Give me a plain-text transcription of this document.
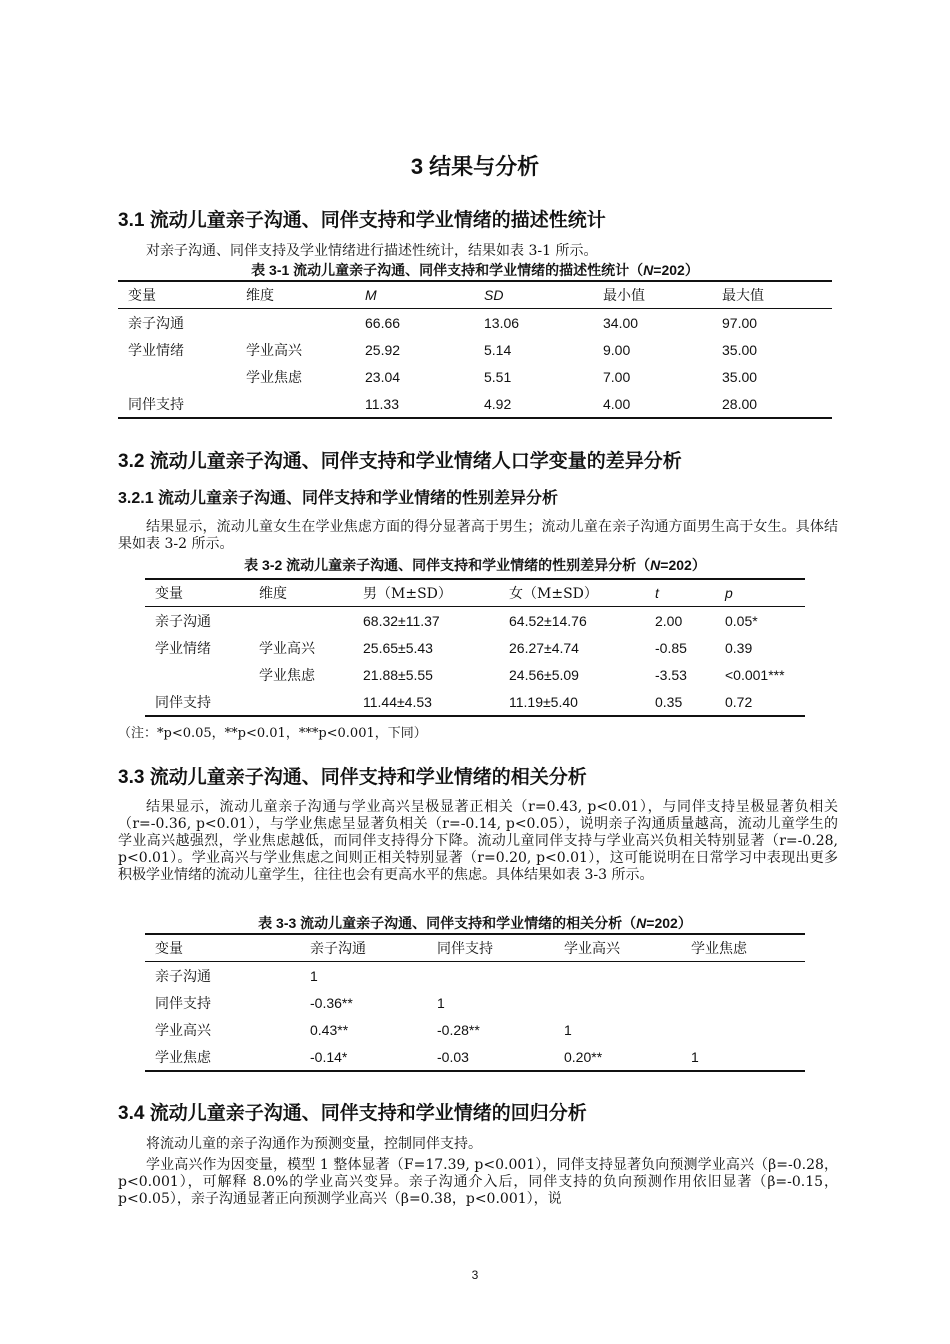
3 结果与分析
3.1 流动儿童亲子沟通、同伴支持和学业情绪的描述性统计

对亲子沟通、同伴支持及学业情绪进行描述性统计，结果如表 3-1 所示。

表 3-1 流动儿童亲子沟通、同伴支持和学业情绪的描述性统计（N=202）
变量	维度	M	SD	最小值	最大值
亲子沟通		66.66	13.06	34.00	97.00
学业情绪	学业高兴	25.92	5.14	9.00	35.00
	学业焦虑	23.04	5.51	7.00	35.00
同伴支持		11.33	4.92	4.00	28.00
3.2 流动儿童亲子沟通、同伴支持和学业情绪人口学变量的差异分析
3.2.1 流动儿童亲子沟通、同伴支持和学业情绪的性别差异分析

结果显示，流动儿童女生在学业焦虑方面的得分显著高于男生；流动儿童在亲子沟通方面男生高于女生。具体结果如表 3-2 所示。

表 3-2 流动儿童亲子沟通、同伴支持和学业情绪的性别差异分析（N=202）
变量	维度	男（M±SD）	女（M±SD）	t	p
亲子沟通		68.32±11.37	64.52±14.76	2.00	0.05*
学业情绪	学业高兴	25.65±5.43	26.27±4.74	-0.85	0.39
	学业焦虑	21.88±5.55	24.56±5.09	-3.53	<0.001***
同伴支持		11.44±4.53	11.19±5.40	0.35	0.72

（注：*p<0.05，**p<0.01，***p<0.001，下同）

3.3 流动儿童亲子沟通、同伴支持和学业情绪的相关分析

结果显示，流动儿童亲子沟通与学业高兴呈极显著正相关（r=0.43, p<0.01），与同伴支持呈极显著负相关（r=-0.36, p<0.01），与学业焦虑呈显著负相关（r=-0.14, p<0.05），说明亲子沟通质量越高，流动儿童学生的学业高兴越强烈，学业焦虑越低，而同伴支持得分下降。流动儿童同伴支持与学业高兴负相关特别显著（r=-0.28, p<0.01）。学业高兴与学业焦虑之间则正相关特别显著（r=0.20, p<0.01），这可能说明在日常学习中表现出更多积极学业情绪的流动儿童学生，往往也会有更高水平的焦虑。具体结果如表 3-3 所示。

表 3-3 流动儿童亲子沟通、同伴支持和学业情绪的相关分析（N=202）
变量	亲子沟通	同伴支持	学业高兴	学业焦虑
亲子沟通	1			
同伴支持	-0.36**	1		
学业高兴	0.43**	-0.28**	1	
学业焦虑	-0.14*	-0.03	0.20**	1
3.4 流动儿童亲子沟通、同伴支持和学业情绪的回归分析

将流动儿童的亲子沟通作为预测变量，控制同伴支持。

学业高兴作为因变量，模型 1 整体显著（F=17.39, p<0.001），同伴支持显著负向预测学业高兴（β=-0.28，p<0.001），可解释 8.0%的学业高兴变异。亲子沟通介入后，同伴支持的负向预测作用依旧显著（β=-0.15，p<0.05），亲子沟通显著正向预测学业高兴（β=0.38，p<0.001），说

3
